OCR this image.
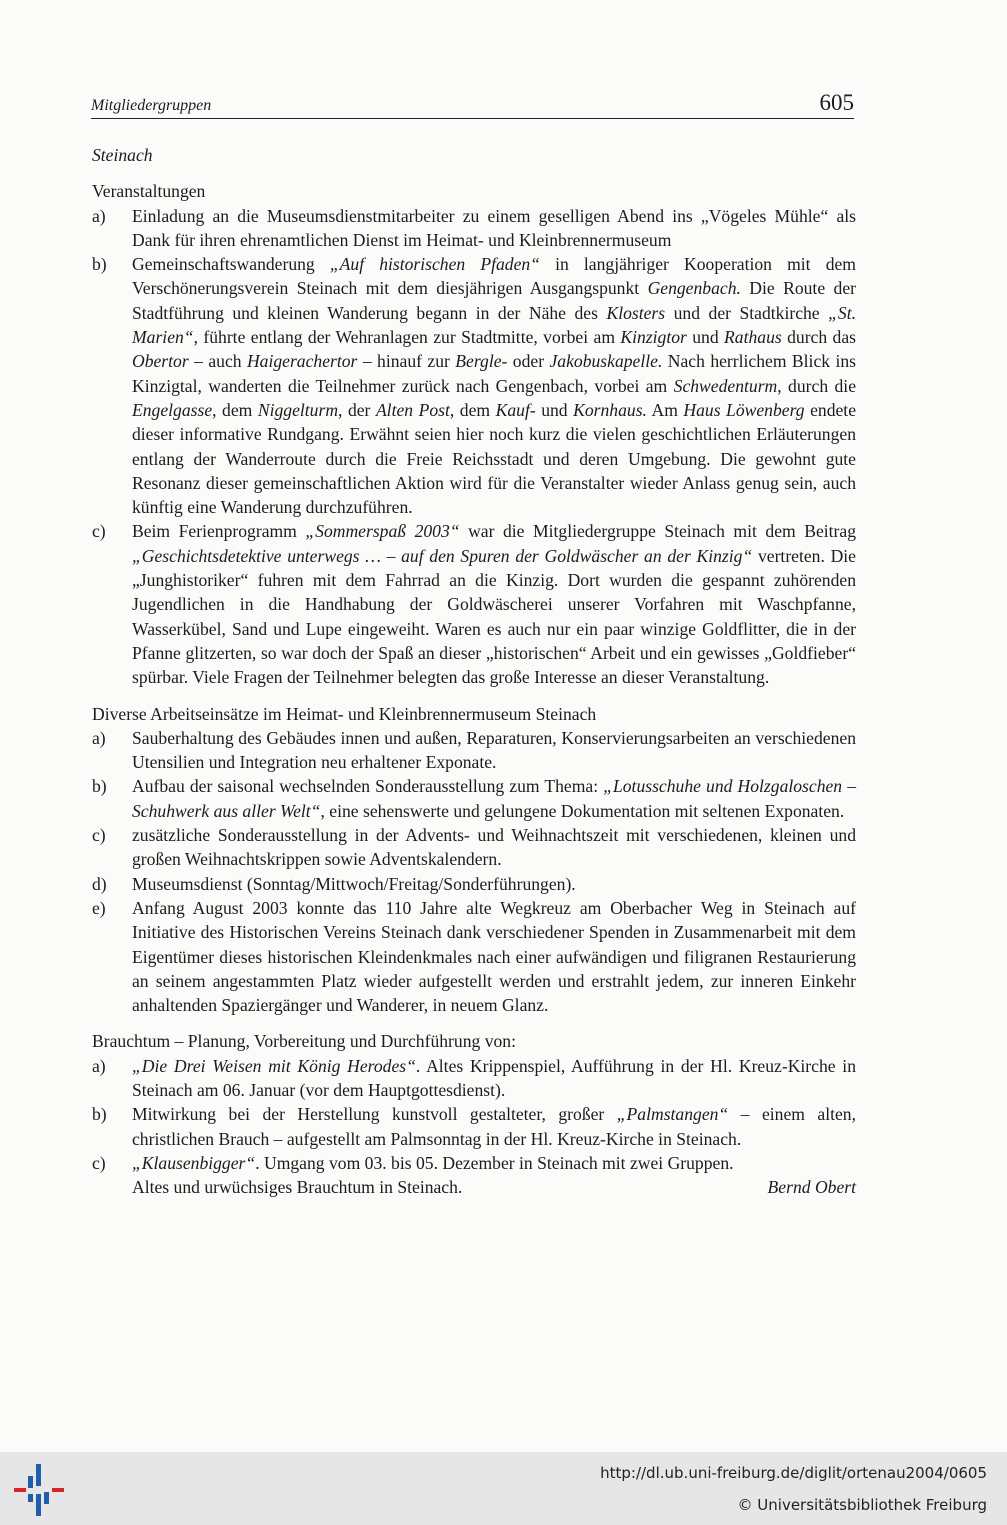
Mitgliedergruppen	605

Steinach

Veranstaltungen

a) Einladung an die Museumsdienstmitarbeiter zu einem geselligen Abend ins „Vögeles Mühle“ als Dank für ihren ehrenamtlichen Dienst im Heimat- und Kleinbrennermuseum

b) Gemeinschaftswanderung „Auf historischen Pfaden“ in langjähriger Kooperation mit dem Verschönerungsverein Steinach mit dem diesjährigen Ausgangspunkt Gengenbach. Die Route der Stadtführung und kleinen Wanderung begann in der Nähe des Klosters und der Stadtkirche „St. Marien“, führte entlang der Wehranlagen zur Stadtmitte, vorbei am Kinzigtor und Rathaus durch das Obertor – auch Haigerachertor – hinauf zur Bergle- oder Jakobuskapelle. Nach herrlichem Blick ins Kinzigtal, wanderten die Teilnehmer zurück nach Gengenbach, vorbei am Schwedenturm, durch die Engelgasse, dem Niggelturm, der Alten Post, dem Kauf- und Kornhaus. Am Haus Löwenberg endete dieser informative Rundgang. Erwähnt seien hier noch kurz die vielen geschichtlichen Erläuterungen entlang der Wanderroute durch die Freie Reichsstadt und deren Umgebung. Die gewohnt gute Resonanz dieser gemeinschaftlichen Aktion wird für die Veranstalter wieder Anlass genug sein, auch künftig eine Wanderung durchzuführen.

c) Beim Ferienprogramm „Sommerspaß 2003“ war die Mitgliedergruppe Steinach mit dem Beitrag „Geschichtsdetektive unterwegs … – auf den Spuren der Goldwäscher an der Kinzig“ vertreten. Die „Junghistoriker“ fuhren mit dem Fahrrad an die Kinzig. Dort wurden die gespannt zuhörenden Jugendlichen in die Handhabung der Goldwäscherei unserer Vorfahren mit Waschpfanne, Wasserkübel, Sand und Lupe eingeweiht. Waren es auch nur ein paar winzige Goldflitter, die in der Pfanne glitzerten, so war doch der Spaß an dieser „historischen“ Arbeit und ein gewisses „Goldfieber“ spürbar. Viele Fragen der Teilnehmer belegten das große Interesse an dieser Veranstaltung.

Diverse Arbeitseinsätze im Heimat- und Kleinbrennermuseum Steinach

a) Sauberhaltung des Gebäudes innen und außen, Reparaturen, Konservierungsarbeiten an verschiedenen Utensilien und Integration neu erhaltener Exponate.

b) Aufbau der saisonal wechselnden Sonderausstellung zum Thema: „Lotusschuhe und Holzgaloschen – Schuhwerk aus aller Welt“, eine sehenswerte und gelungene Dokumentation mit seltenen Exponaten.

c) zusätzliche Sonderausstellung in der Advents- und Weihnachtszeit mit verschiedenen, kleinen und großen Weihnachtskrippen sowie Adventskalendern.

d) Museumsdienst (Sonntag/Mittwoch/Freitag/Sonderführungen).

e) Anfang August 2003 konnte das 110 Jahre alte Wegkreuz am Oberbacher Weg in Steinach auf Initiative des Historischen Vereins Steinach dank verschiedener Spenden in Zusammenarbeit mit dem Eigentümer dieses historischen Kleindenkmales nach einer aufwändigen und filigranen Restaurierung an seinem angestammten Platz wieder aufgestellt werden und erstrahlt jedem, zur inneren Einkehr anhaltenden Spaziergänger und Wanderer, in neuem Glanz.

Brauchtum – Planung, Vorbereitung und Durchführung von:

a) „Die Drei Weisen mit König Herodes“. Altes Krippenspiel, Aufführung in der Hl. Kreuz-Kirche in Steinach am 06. Januar (vor dem Hauptgottesdienst).

b) Mitwirkung bei der Herstellung kunstvoll gestalteter, großer „Palmstangen“ – einem alten, christlichen Brauch – aufgestellt am Palmsonntag in der Hl. Kreuz-Kirche in Steinach.

c) „Klausenbigger“. Umgang vom 03. bis 05. Dezember in Steinach mit zwei Gruppen.

Altes und urwüchsiges Brauchtum in Steinach.	Bernd Obert

http://dl.ub.uni-freiburg.de/diglit/ortenau2004/0605
© Universitätsbibliothek Freiburg
